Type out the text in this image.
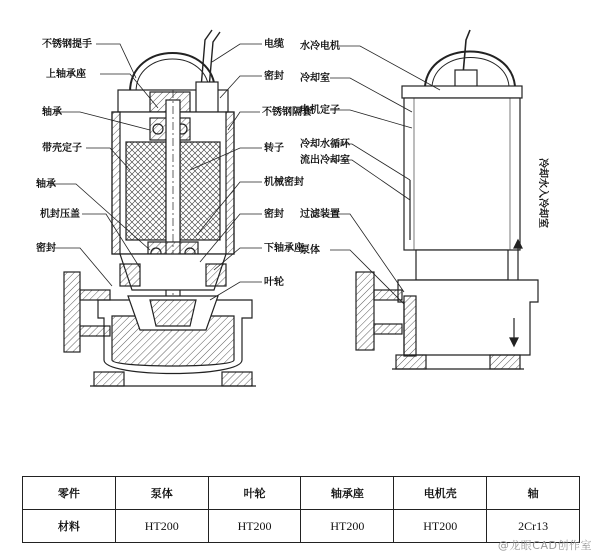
不锈钢提手
上轴承座
轴承
带壳定子
轴承
机封压盖
密封
电缆
密封
不锈钢隔套
转子
机械密封
密封
下轴承座
叶轮
水冷电机
冷却室
电机定子
冷却水循环
流出冷却室
过滤装置
泵体
冷却水入冷却室
零件	泵体	叶轮	轴承座	电机壳	轴
材料	HT200	HT200	HT200	HT200	2Cr13
@龙眼CAD创作室
